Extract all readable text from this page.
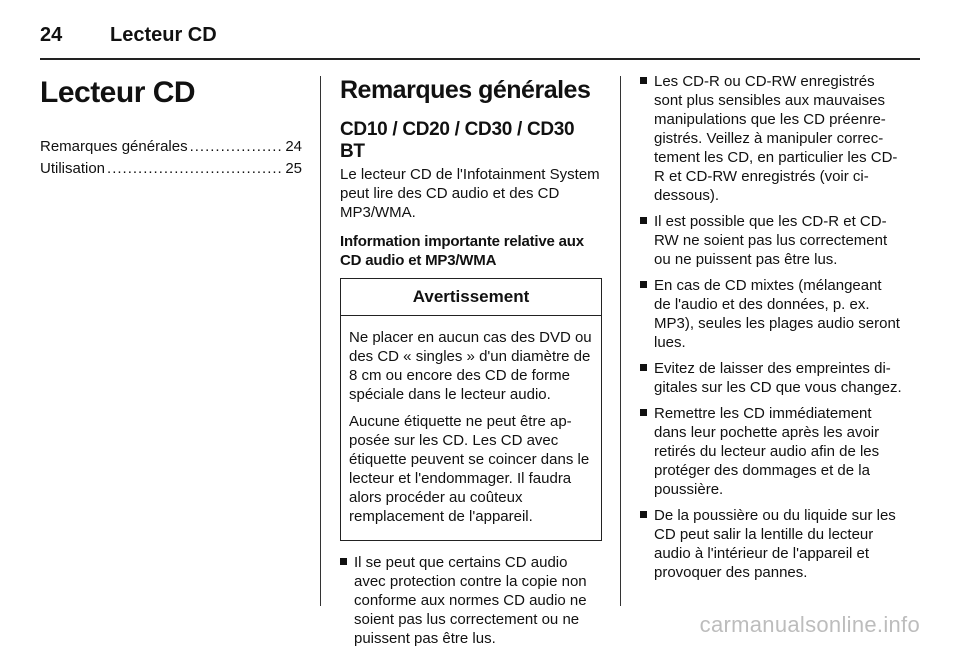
24	Lecteur CD
Lecteur CD
Remarques générales .....	24
Utilisation .....	25
Remarques générales
CD10 / CD20 / CD30 / CD30 BT

Le lecteur CD de l'Infotainment System peut lire des CD audio et des CD MP3/WMA.

Information importante relative aux CD audio et MP3/WMA

Avertissement

Ne placer en aucun cas des DVD ou des CD « singles » d'un diamètre de 8 cm ou encore des CD de forme spéciale dans le lecteur audio.

Aucune étiquette ne peut être apposée sur les CD. Les CD avec étiquette peuvent se coincer dans le lecteur et l'endommager. Il faudra alors procéder au coûteux remplacement de l'appareil.

Il se peut que certains CD audio avec protection contre la copie non conforme aux normes CD audio ne soient pas lus correctement ou ne puissent pas être lus.
Les CD-R ou CD-RW enregistrés sont plus sensibles aux mauvaises manipulations que les CD préenregistrés. Veillez à manipuler correctement les CD, en particulier les CD-R et CD-RW enregistrés (voir ci-dessous).
Il est possible que les CD-R et CD-RW ne soient pas lus correctement ou ne puissent pas être lus.
En cas de CD mixtes (mélangeant de l'audio et des données, p. ex. MP3), seules les plages audio seront lues.
Evitez de laisser des empreintes digitales sur les CD que vous changez.
Remettre les CD immédiatement dans leur pochette après les avoir retirés du lecteur audio afin de les protéger des dommages et de la poussière.
De la poussière ou du liquide sur les CD peut salir la lentille du lecteur audio à l'intérieur de l'appareil et provoquer des pannes.
carmanualsonline.info
